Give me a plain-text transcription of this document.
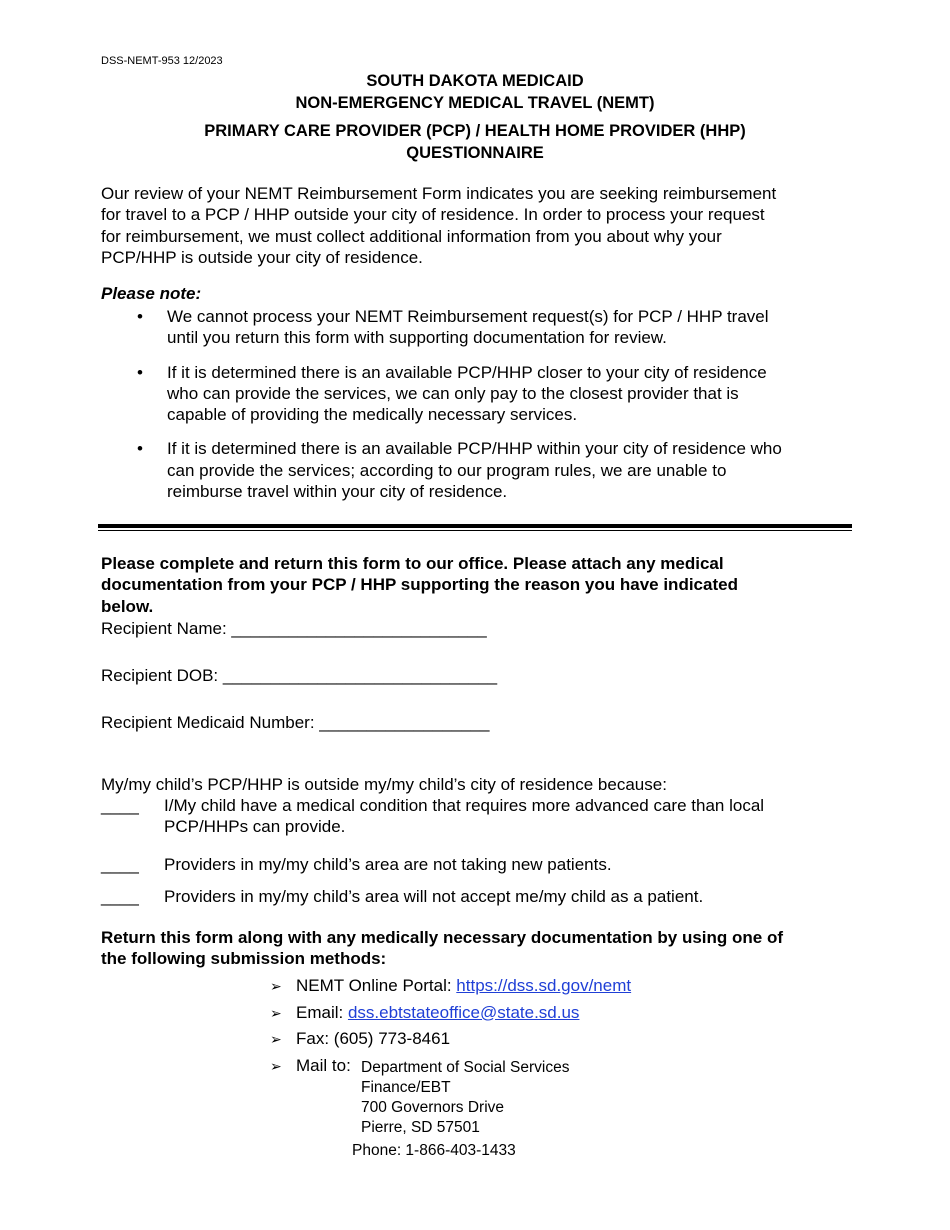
DSS-NEMT-953 12/2023
SOUTH DAKOTA MEDICAID
NON-EMERGENCY MEDICAL TRAVEL (NEMT)
PRIMARY CARE PROVIDER (PCP) / HEALTH HOME PROVIDER (HHP)
QUESTIONNAIRE
Our review of your NEMT Reimbursement Form indicates you are seeking reimbursement
for travel to a PCP / HHP outside your city of residence. In order to process your request
for reimbursement, we must collect additional information from you about why your
PCP/HHP is outside your city of residence.
Please note:
• We cannot process your NEMT Reimbursement request(s) for PCP / HHP travel
until you return this form with supporting documentation for review.
• If it is determined there is an available PCP/HHP closer to your city of residence
who can provide the services, we can only pay to the closest provider that is
capable of providing the medically necessary services.
• If it is determined there is an available PCP/HHP within your city of residence who
can provide the services; according to our program rules, we are unable to
reimburse travel within your city of residence.
Please complete and return this form to our office. Please attach any medical
documentation from your PCP / HHP supporting the reason you have indicated
below.
Recipient Name: ___________________________
Recipient DOB: _____________________________
Recipient Medicaid Number: __________________
My/my child’s PCP/HHP is outside my/my child’s city of residence because:
____ I/My child have a medical condition that requires more advanced care than local
PCP/HHPs can provide.
____ Providers in my/my child’s area are not taking new patients.
____ Providers in my/my child’s area will not accept me/my child as a patient.
Return this form along with any medically necessary documentation by using one of
the following submission methods:
➢ NEMT Online Portal: https://dss.sd.gov/nemt
➢ Email: dss.ebtstateoffice@state.sd.us
➢ Fax: (605) 773-8461
➢ Mail to: Department of Social Services
Finance/EBT
700 Governors Drive
Pierre, SD 57501
Phone: 1-866-403-1433
